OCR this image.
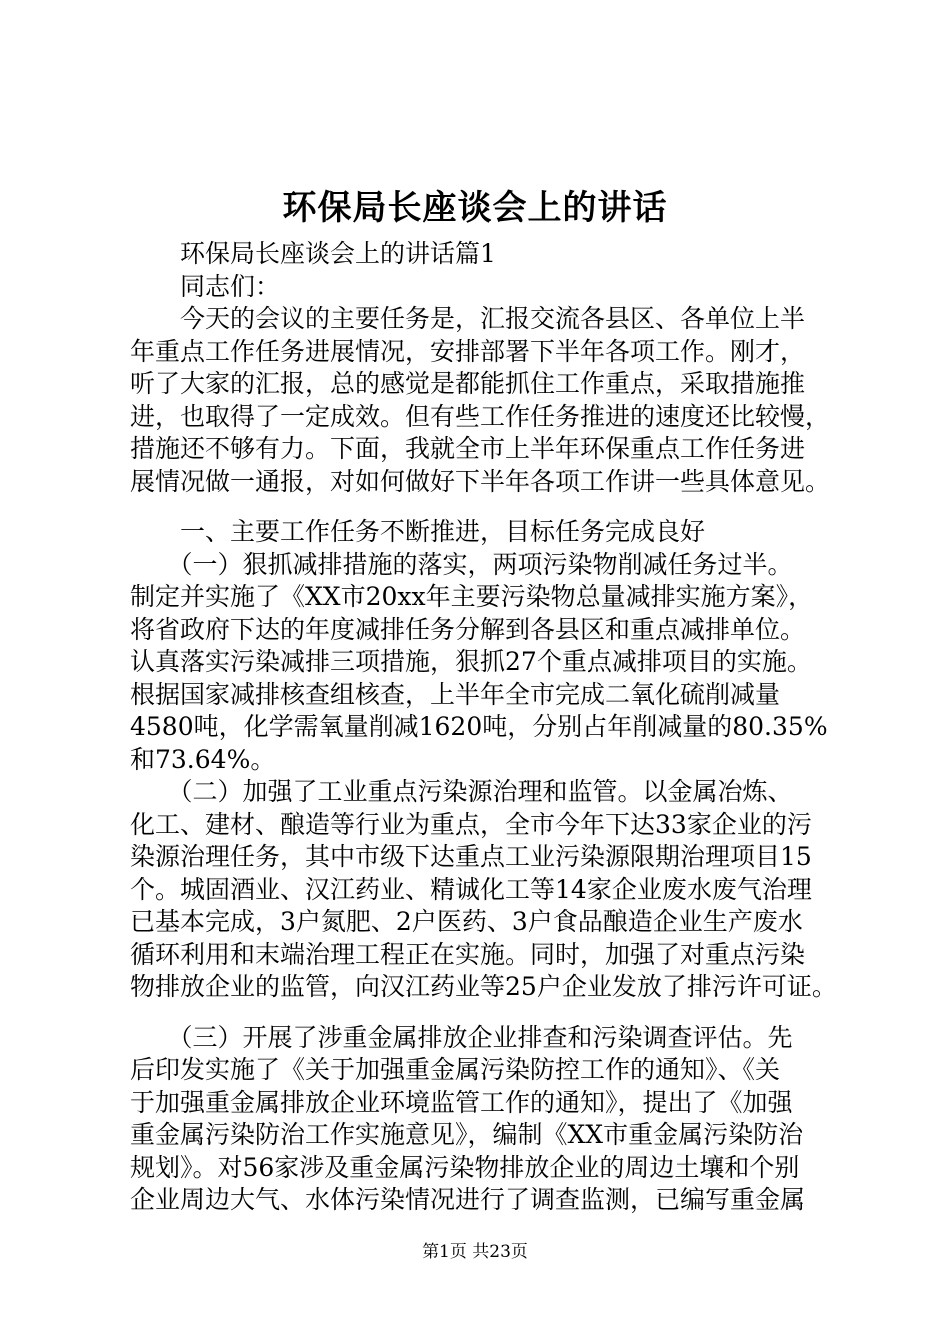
环保局长座谈会上的讲话
　　环保局长座谈会上的讲话篇1
　　同志们：
　　今天的会议的主要任务是，汇报交流各县区、各单位上半
年重点工作任务进展情况，安排部署下半年各项工作。刚才，
听了大家的汇报，总的感觉是都能抓住工作重点，采取措施推
进，也取得了一定成效。但有些工作任务推进的速度还比较慢，
措施还不够有力。下面，我就全市上半年环保重点工作任务进
展情况做一通报，对如何做好下半年各项工作讲一些具体意见。
　　一、主要工作任务不断推进，目标任务完成良好
　　（一）狠抓减排措施的落实，两项污染物削减任务过半。
制定并实施了《XX市20xx年主要污染物总量减排实施方案》，
将省政府下达的年度减排任务分解到各县区和重点减排单位。
认真落实污染减排三项措施，狠抓27个重点减排项目的实施。
根据国家减排核查组核查，上半年全市完成二氧化硫削减量
4580吨，化学需氧量削减1620吨，分别占年削减量的80.35%
和73.64%。
　　（二）加强了工业重点污染源治理和监管。以金属冶炼、
化工、建材、酿造等行业为重点，全市今年下达33家企业的污
染源治理任务，其中市级下达重点工业污染源限期治理项目15
个。城固酒业、汉江药业、精诚化工等14家企业废水废气治理
已基本完成，3户氮肥、2户医药、3户食品酿造企业生产废水
循环利用和末端治理工程正在实施。同时，加强了对重点污染
物排放企业的监管，向汉江药业等25户企业发放了排污许可证。
　　（三）开展了涉重金属排放企业排查和污染调查评估。先
后印发实施了《关于加强重金属污染防控工作的通知》、《关
于加强重金属排放企业环境监管工作的通知》，提出了《加强
重金属污染防治工作实施意见》，编制《XX市重金属污染防治
规划》。对56家涉及重金属污染物排放企业的周边土壤和个别
企业周边大气、水体污染情况进行了调查监测，已编写重金属
第1页 共23页
